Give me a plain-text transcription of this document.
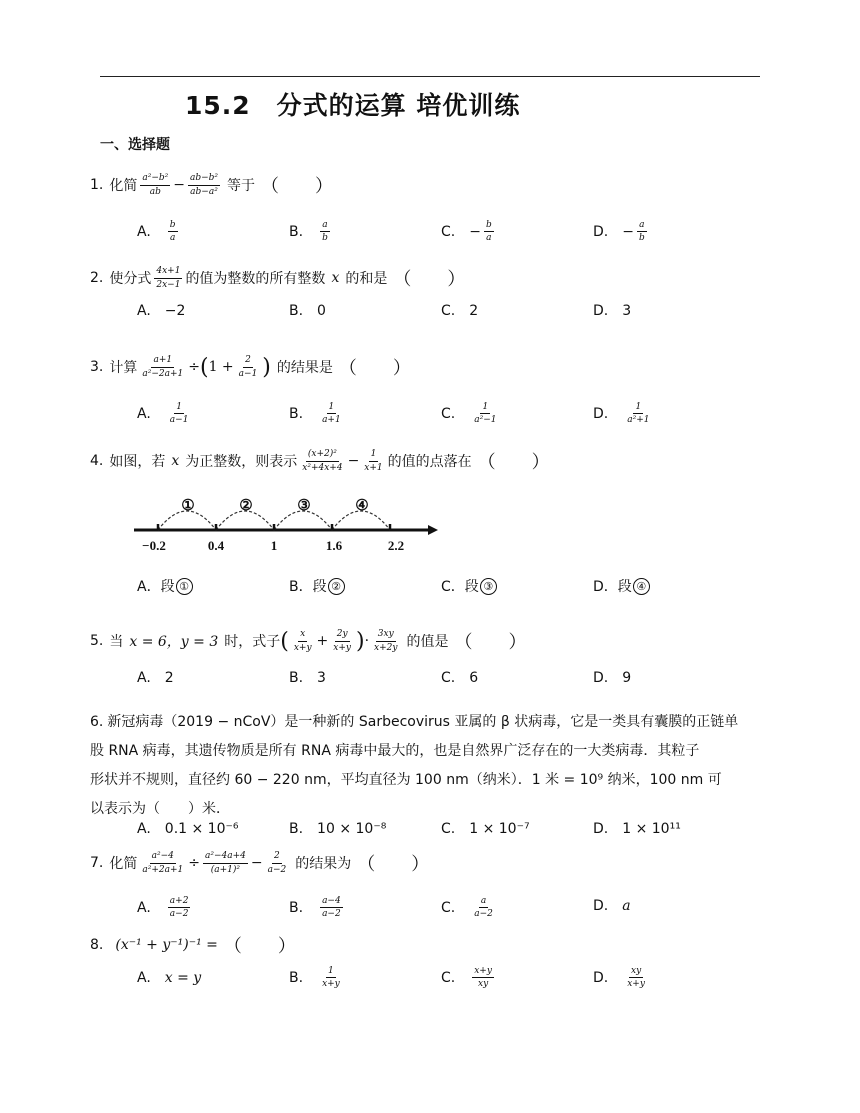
15.2　分式的运算 培优训练
一、选择题
1. 化简 $\frac{\text{a²−b²}}{ab} - \frac{\text{ab−b²}}{\text{ab−a²}}$ 等于 （　　）
A. $\frac{b}{a}$	B. $\frac{a}{b}$	C. − $\frac{b}{a}$	D. − $\frac{a}{b}$
2. 使分式 $\frac{4x+1}{2x-1}$ 的值为整数的所有整数 x 的和是 （　　）
A.　−2	B.　0	C.　2	D.　3
3. 计算 $\frac{a+1}{\text{a²−2a+1}}$ ÷ ( $1 + \frac{2}{a-1}$ ) 的结果是 （　　）
A. $\frac{1}{a-1}$	B. $\frac{1}{a+1}$	C. $\frac{1}{\text{a²−1}}$	D. $\frac{1}{\text{a²+1}}$
4. 如图，若 x 为正整数，则表示 $\frac{\text{(x+2)²}}{\text{x²+4x+4}} - \frac{1}{x+1}$ 的值的点落在 （　　）
①	②	③	④
−0.2	0.4	1	1.6	2.2
A．段 ①	B．段 ②	C．段 ③	D．段 ④
5. 当 x = 6，y = 3 时，式子 ( $\frac{x}{x+y} + \frac{2y}{x+y}$ ) · $\frac{3xy}{x+2y}$ 的值是 （　　）
A.　2	B.　3	C.　6	D.　9
6. 新冠病毒（2019 − nCoV）是一种新的 Sarbecovirus 亚属的 β 状病毒，它是一类具有囊膜的正链单
股 RNA 病毒，其遗传物质是所有 RNA 病毒中最大的，也是自然界广泛存在的一大类病毒．其粒子
形状并不规则，直径约 60 − 220 nm，平均直径为 100 nm（纳米）．1 米 = 10⁹ 纳米，100 nm 可
以表示为（　　）米．
A.　0.1 × 10⁻⁶	B.　10 × 10⁻⁸	C.　1 × 10⁻⁷	D.　1 × 10¹¹
7. 化简 $\frac{\text{a²−4}}{\text{a²+2a+1}} \div \frac{\text{a²−4a+4}}{\text{(a+1)²}} - \frac{2}{a-2}$ 的结果为 （　　）
A. $\frac{a+2}{a-2}$	B. $\frac{a-4}{a-2}$	C. $\frac{a}{a-2}$	D. a
8. (x⁻¹ + y⁻¹)⁻¹ = （　　）
A. x = y	B. $\frac{1}{x+y}$	C. $\frac{x+y}{xy}$	D. $\frac{xy}{x+y}$
